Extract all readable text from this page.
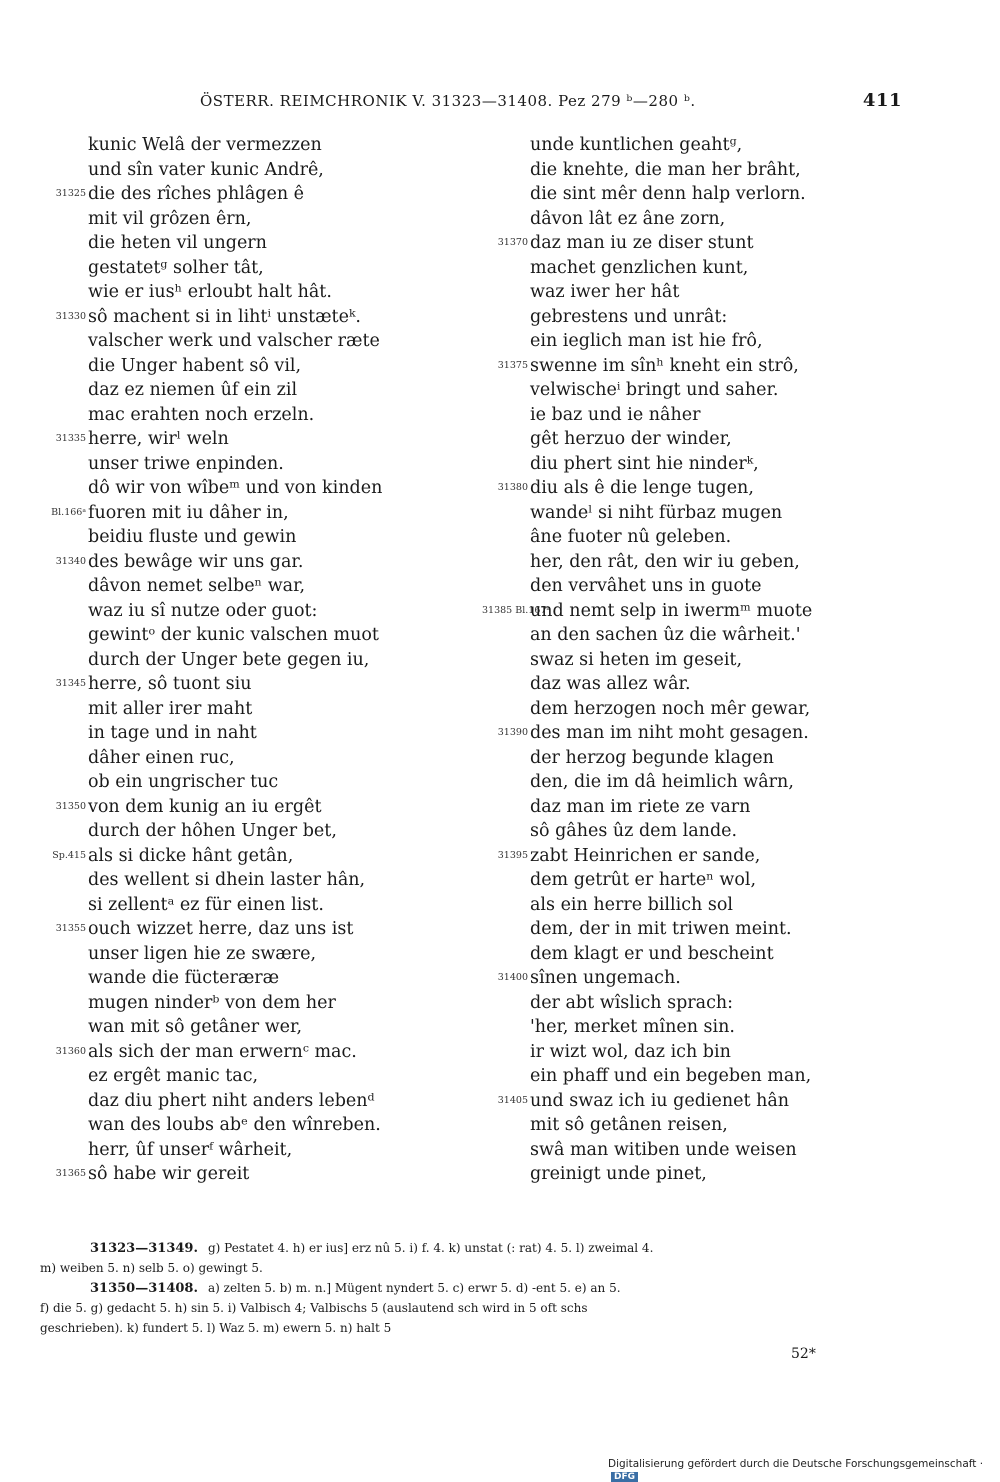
ÖSTERR. REIMCHRONIK V. 31323—31408. Pez 279 ᵇ—280 ᵇ.	411
kunic Welâ der vermezzen
und sîn vater kunic Andrê,
31325 die des rîches phlâgen ê
mit vil grôzen êrn,
die heten vil ungern
gestatetᵍ solher tât,
wie er iusʰ erloubt halt hât.
31330 sô machent si in lihtⁱ unstæteᵏ.
valscher werk und valscher ræte
die Unger habent sô vil,
daz ez niemen ûf ein zil
mac erahten noch erzeln.
31335 herre, wirˡ weln
unser triwe enpinden.
dô wir von wîbeᵐ und von kinden
Bl.166ᵃ fuoren mit iu dâher in,
beidiu fluste und gewin
31340 des bewâge wir uns gar.
dâvon nemet selbeⁿ war,
waz iu sî nutze oder guot:
gewintᵒ der kunic valschen muot
durch der Unger bete gegen iu,
31345 herre, sô tuont siu
mit aller irer maht
in tage und in naht
dâher einen ruc,
ob ein ungrischer tuc
31350 von dem kunig an iu ergêt
durch der hôhen Unger bet,
Sp.415 als si dicke hânt getân,
des wellent si dhein laster hân,
si zellentᵃ ez für einen list.
31355 ouch wizzet herre, daz uns ist
unser ligen hie ze swære,
wande die fücteræræ
mugen ninderᵇ von dem her
wan mit sô getâner wer,
31360 als sich der man erwernᶜ mac.
ez ergêt manic tac,
daz diu phert niht anders lebenᵈ
wan des loubs abᵉ den wînreben.
herr, ûf unserᶠ wârheit,
31365 sô habe wir gereit
unde kuntlichen geahtᵍ,
die knehte, die man her brâht,
die sint mêr denn halp verlorn.
dâvon lât ez âne zorn,
31370 daz man iu ze diser stunt
machet genzlichen kunt,
waz iwer her hât
gebrestens und unrât:
ein ieglich man ist hie frô,
31375 swenne im sînʰ kneht ein strô,
velwischeⁱ bringt und saher.
ie baz und ie nâher
gêt herzuo der winder,
diu phert sint hie ninderᵏ,
31380 diu als ê die lenge tugen,
wandeˡ si niht fürbaz mugen
âne fuoter nû geleben.
her, den rât, den wir iu geben,
den vervâhet uns in guote
31385 Bl.167ᵃ
und nemt selp in iwermᵐ muote
an den sachen ûz die wârheit.'
swaz si heten im geseit,
daz was allez wâr.
dem herzogen noch mêr gewar,
31390 des man im niht moht gesagen.
der herzog begunde klagen
den, die im dâ heimlich wârn,
daz man im riete ze varn
sô gâhes ûz dem lande.
31395 zabt Heinrichen er sande,
dem getrût er harteⁿ wol,
als ein herre billich sol
dem, der in mit triwen meint.
dem klagt er und bescheint
31400 sînen ungemach.
der abt wîslich sprach:
'her, merket mînen sin.
ir wizt wol, daz ich bin
ein phaff und ein begeben man,
31405 und swaz ich iu gedienet hân
mit sô getânen reisen,
swâ man witiben unde weisen
greinigt unde pinet,
31323—31349. g) Pestatet 4. h) er ius] erz nû 5. i) f. 4. k) unstat (: rat) 4. 5. l) zweimal 4.
m) weiben 5. n) selb 5. o) gewingt 5.
31350—31408. a) zelten 5. b) m. n.] Mügent nyndert 5. c) erwr 5. d) -ent 5. e) an 5.
f) die 5. g) gedacht 5. h) sin 5. i) Valbisch 4; Valbischs 5 (auslautend sch wird in 5 oft schs
geschrieben). k) fundert 5. l) Waz 5. m) ewern 5. n) halt 5
52*
Digitalisierung gefördert durch die Deutsche Forschungsgemeinschaft ·DFG
